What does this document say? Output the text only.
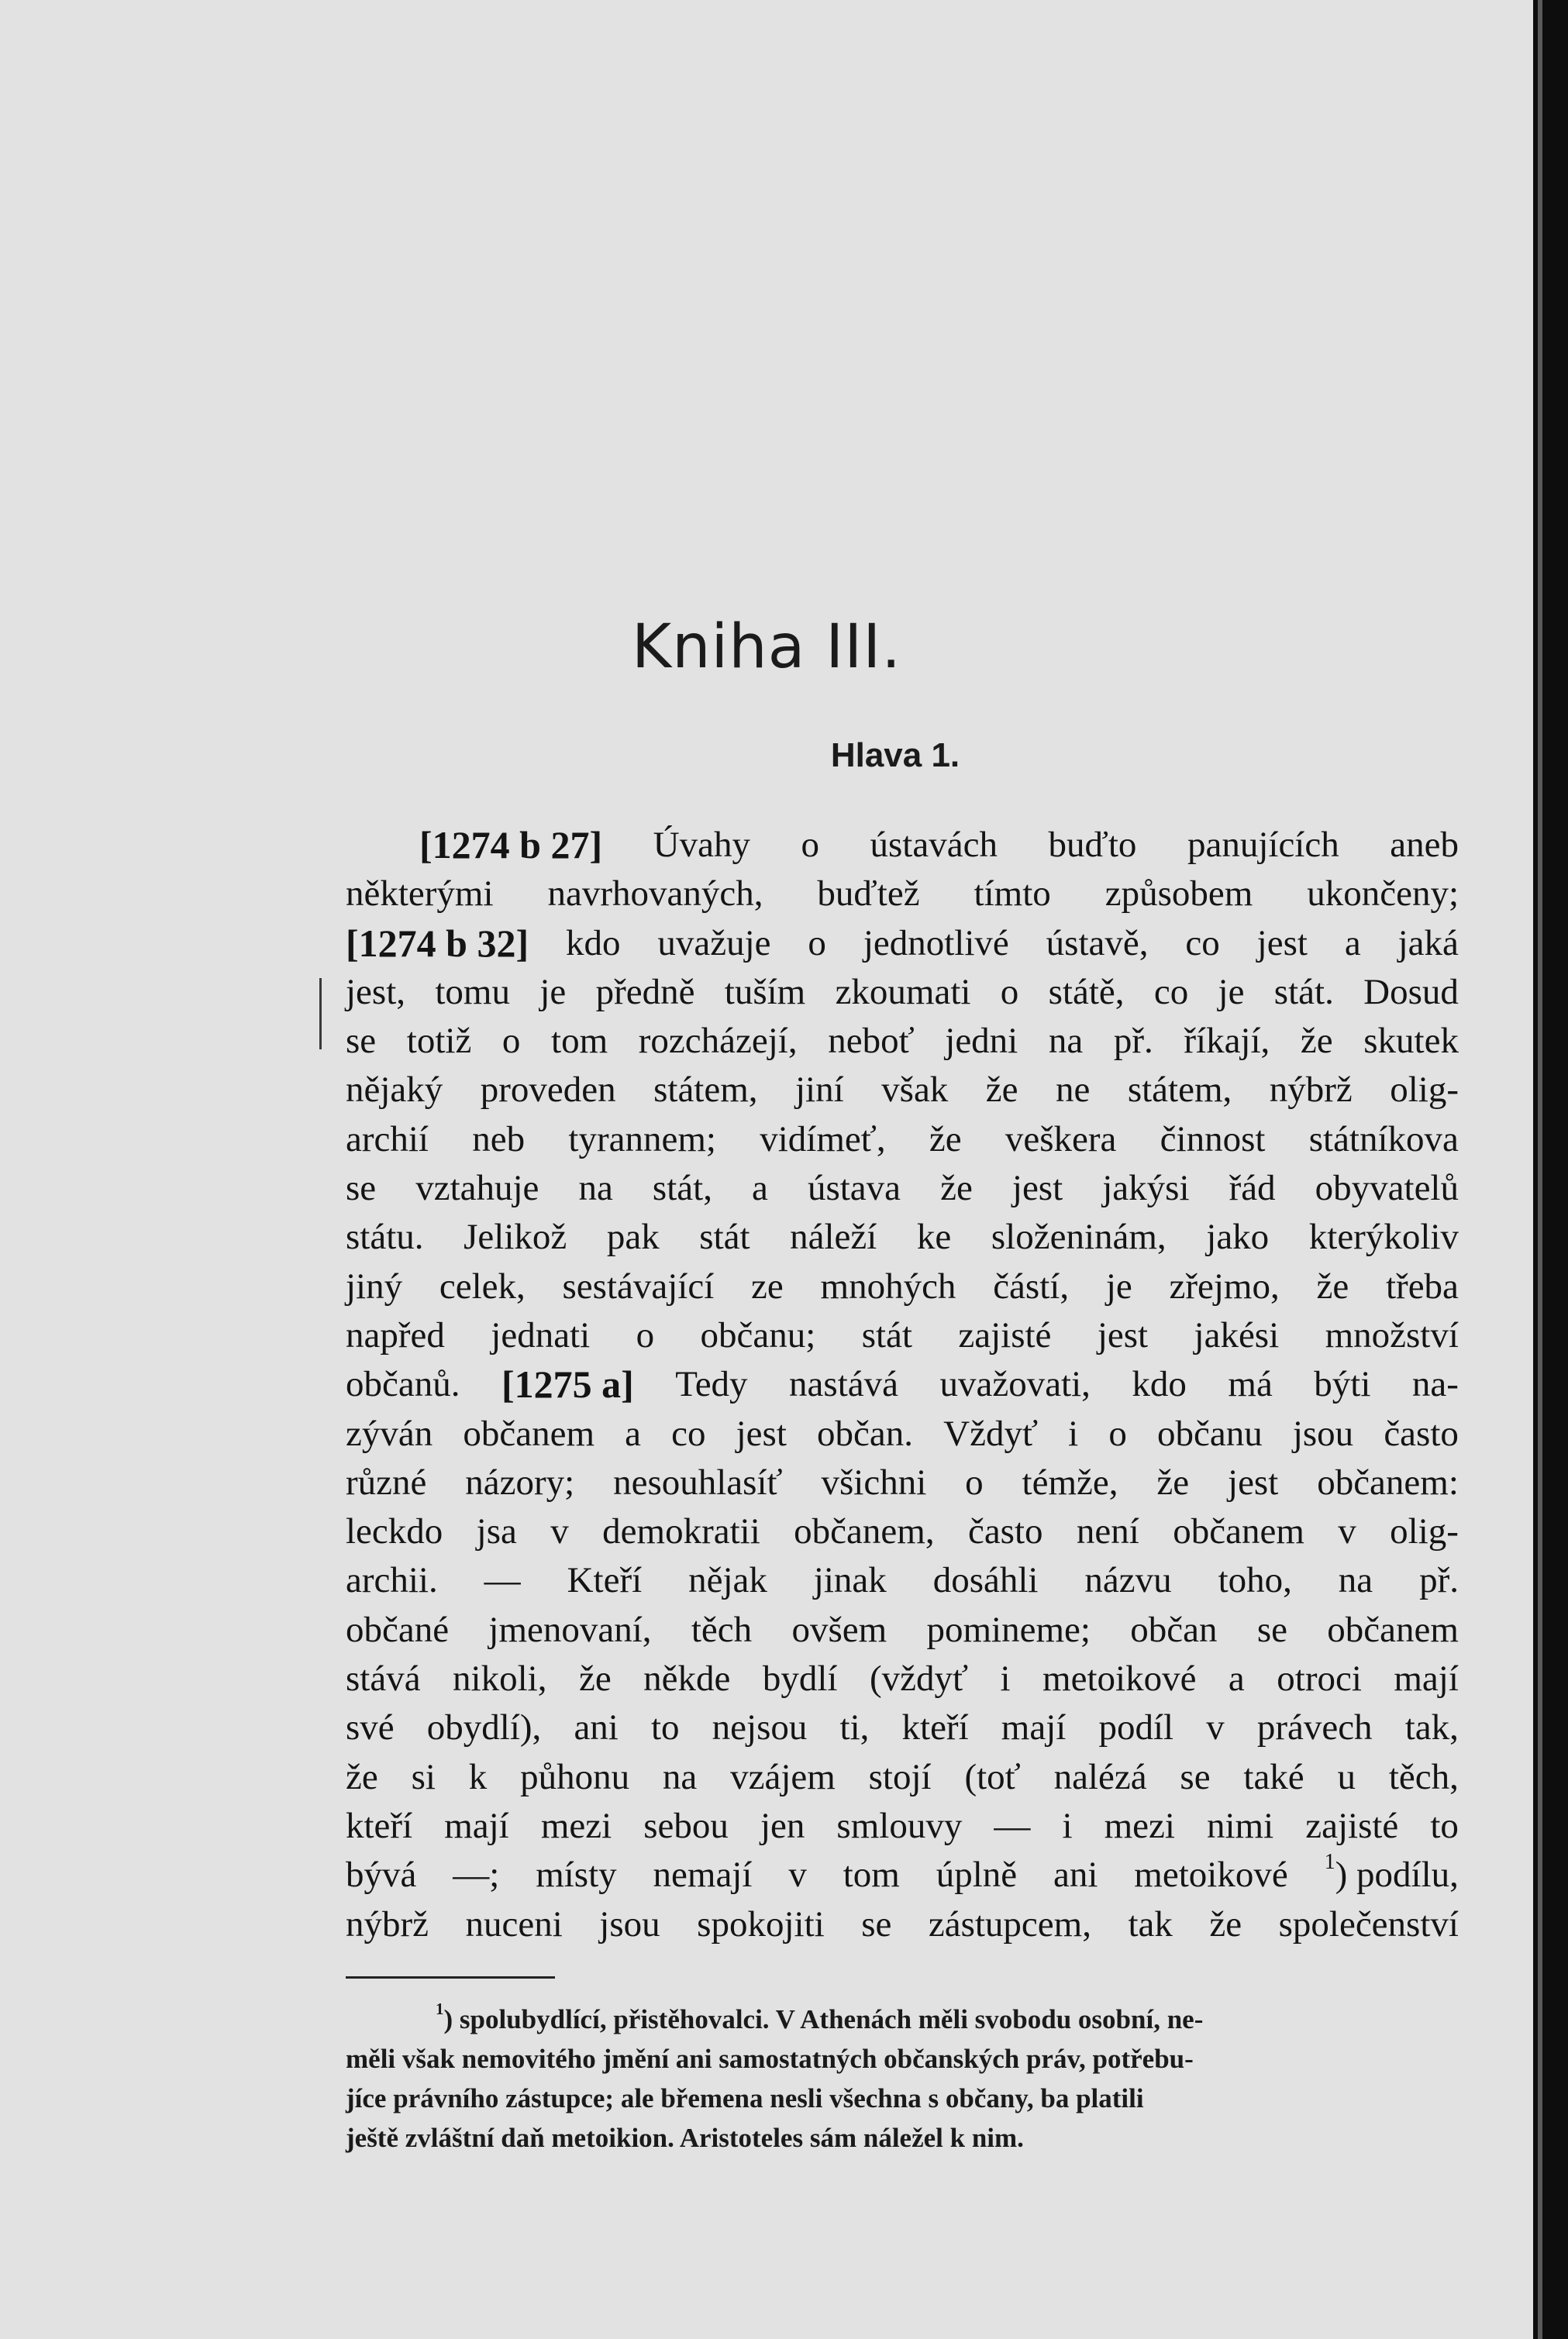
Kniha III.
Hlava 1.
[1274 b 27] Úvahy o ústavách buďto panujících aneb
některými navrhovaných, buďtež tímto způsobem ukončeny;
[1274 b 32] kdo uvažuje o jednotlivé ústavě, co jest a jaká
jest, tomu je předně tuším zkoumati o státě, co je stát. Dosud
se totiž o tom rozcházejí, neboť jedni na př. říkají, že skutek
nějaký proveden státem, jiní však že ne státem, nýbrž olig-
archií neb tyrannem; vidímeť, že veškera činnost státníkova
se vztahuje na stát, a ústava že jest jakýsi řád obyvatelů
státu. Jelikož pak stát náleží ke složeninám, jako kterýkoliv
jiný celek, sestávající ze mnohých částí, je zřejmo, že třeba
napřed jednati o občanu; stát zajisté jest jakési množství
občanů. [1275 a] Tedy nastává uvažovati, kdo má býti na-
zýván občanem a co jest občan. Vždyť i o občanu jsou často
různé názory; nesouhlasíť všichni o témže, že jest občanem:
leckdo jsa v demokratii občanem, často není občanem v olig-
archii. — Kteří nějak jinak dosáhli názvu toho, na př.
občané jmenovaní, těch ovšem pomineme; občan se občanem
stává nikoli, že někde bydlí (vždyť i metoikové a otroci mají
své obydlí), ani to nejsou ti, kteří mají podíl v právech tak,
že si k půhonu na vzájem stojí (toť nalézá se také u těch,
kteří mají mezi sebou jen smlouvy — i mezi nimi zajisté to
bývá —; místy nemají v tom úplně ani metoikové $^1$) podílu,
nýbrž nuceni jsou spokojiti se zástupcem, tak že společenství
$^1$) spolubydlící, přistěhovalci. V Athenách měli svobodu osobní, ne-
měli však nemovitého jmění ani samostatných občanských práv, potřebu-
jíce právního zástupce; ale břemena nesli všechna s občany, ba platili
ještě zvláštní daň metoikion. Aristoteles sám náležel k nim.
